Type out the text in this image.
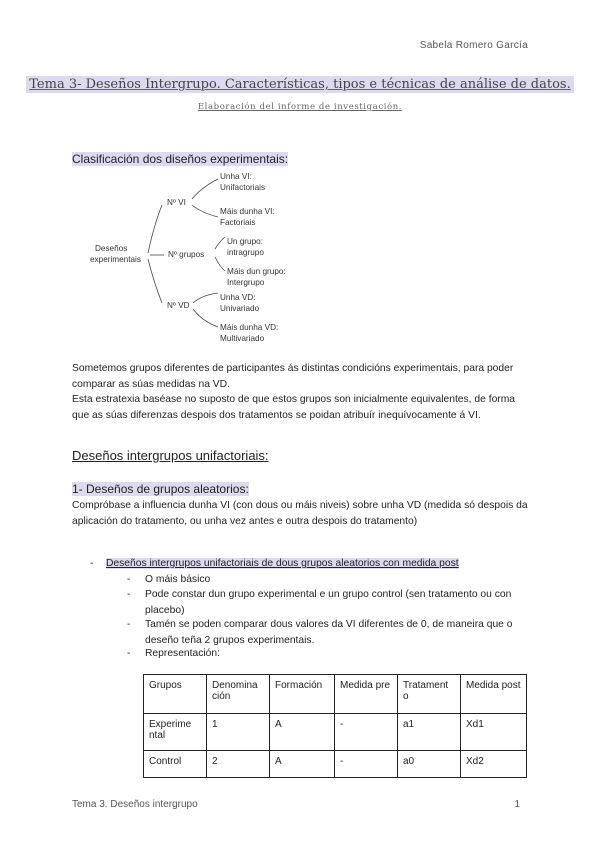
Sabela Romero García
Tema 3- Deseños Intergrupo. Características, tipos e técnicas de análise de datos.
Elaboración del informe de investigación.
Clasificación dos diseños experimentais:
Deseños
experimentais
Nº VI
Nº grupos
Nº VD
Unha VI:
Unifactoriais
Máis dunha VI:
Factoriais
Un grupo:
intragrupo
Máis dun grupo:
Intergrupo
Unha VD:
Univariado
Máis dunha VD:
Multivariado
Sometemos grupos diferentes de participantes ás distintas condicións experimentais, para poder comparar as súas medidas na VD.
Esta estratexia baséase no suposto de que estos grupos son inicialmente equivalentes, de forma que as súas diferenzas despois dos tratamentos se poidan atribuír inequívocamente á VI.
Deseños intergrupos unifactoriais:
1- Deseños de grupos aleatorios:
Compróbase a influencia dunha VI (con dous ou máis niveis) sobre unha VD (medida só despois da aplicación do tratamento, ou unha vez antes e outra despois do tratamento)
- Deseños intergrupos unifactoriais de dous grupos aleatorios con medida post
- O máis básico
- Pode constar dun grupo experimental e un grupo control (sen tratamento ou con placebo)
- Tamén se poden comparar dous valores da VI diferentes de 0, de maneira que o deseño teña 2 grupos experimentais.
- Representación:
Grupos	Denomina ción	Formación	Medida pre	Tratament o	Medida post
Experime ntal	1	A	-	a1	Xd1
Control	2	A	-	a0	Xd2
Tema 3. Deseños intergrupo	1
